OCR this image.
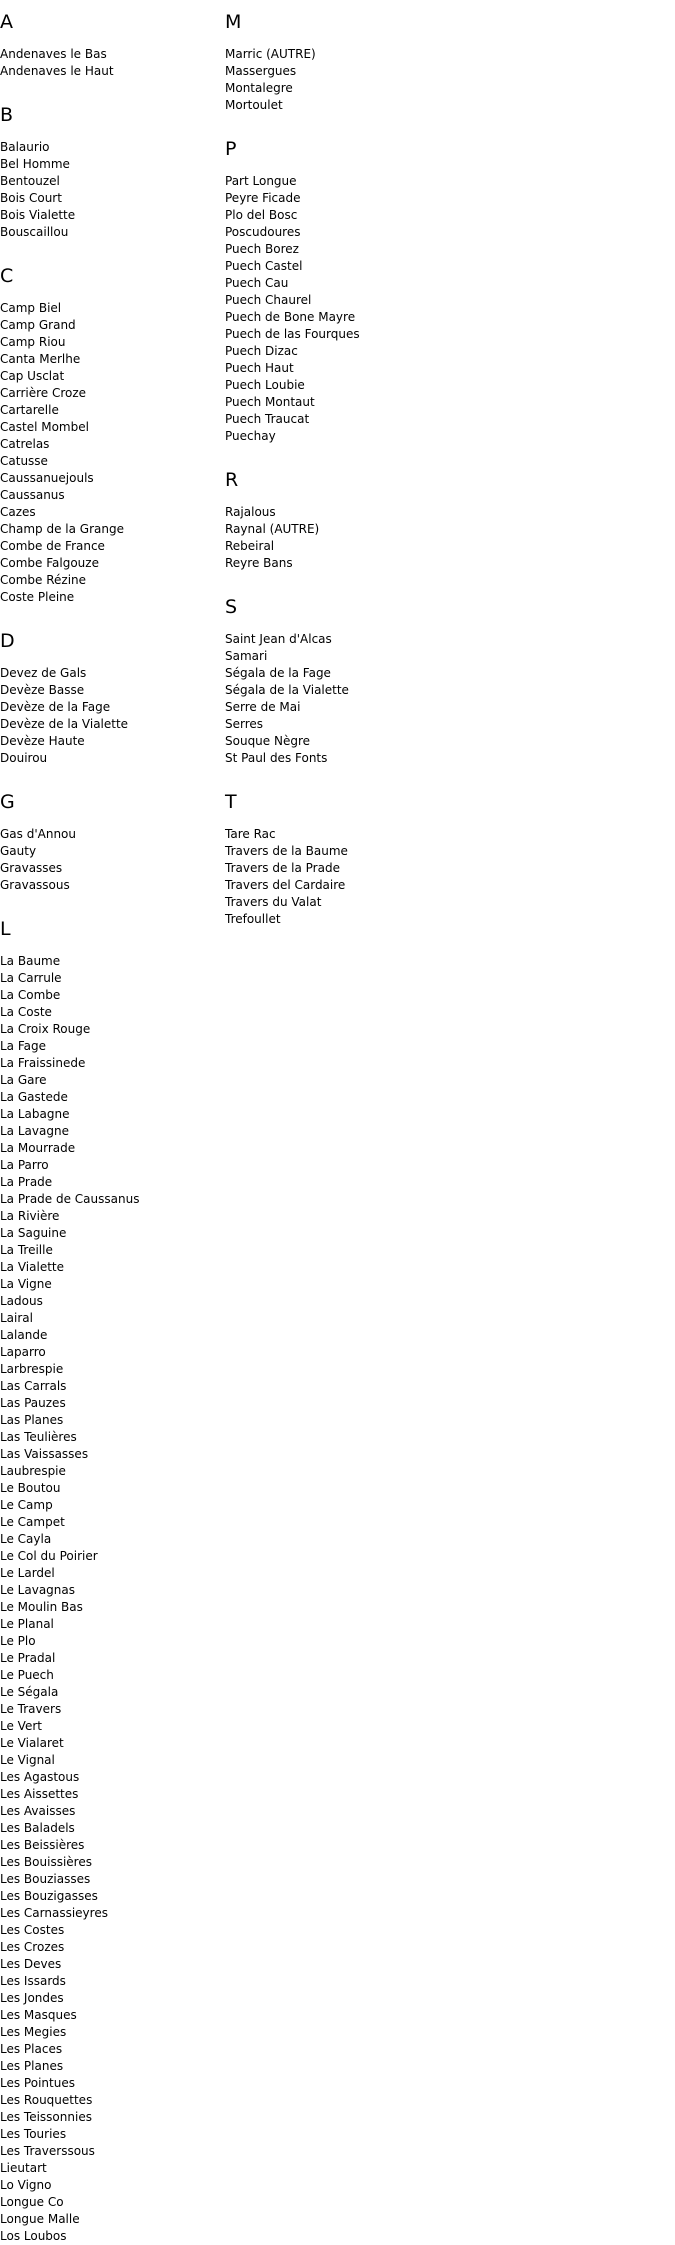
A
Andenaves le Bas
Andenaves le Haut
B
Balaurio
Bel Homme
Bentouzel
Bois Court
Bois Vialette
Bouscaillou
C
Camp Biel
Camp Grand
Camp Riou
Canta Merlhe
Cap Usclat
Carrière Croze
Cartarelle
Castel Mombel
Catrelas
Catusse
Caussanuejouls
Caussanus
Cazes
Champ de la Grange
Combe de France
Combe Falgouze
Combe Rézine
Coste Pleine
D
Devez de Gals
Devèze Basse
Devèze de la Fage
Devèze de la Vialette
Devèze Haute
Douirou
G
Gas d'Annou
Gauty
Gravasses
Gravassous
L
La Baume
La Carrule
La Combe
La Coste
La Croix Rouge
La Fage
La Fraissinede
La Gare
La Gastede
La Labagne
La Lavagne
La Mourrade
La Parro
La Prade
La Prade de Caussanus
La Rivière
La Saguine
La Treille
La Vialette
La Vigne
Ladous
Lairal
Lalande
Laparro
Larbrespie
Las Carrals
Las Pauzes
Las Planes
Las Teulières
Las Vaissasses
Laubrespie
Le Boutou
Le Camp
Le Campet
Le Cayla
Le Col du Poirier
Le Lardel
Le Lavagnas
Le Moulin Bas
Le Planal
Le Plo
Le Pradal
Le Puech
Le Ségala
Le Travers
Le Vert
Le Vialaret
Le Vignal
Les Agastous
Les Aissettes
Les Avaisses
Les Baladels
Les Beissières
Les Bouissières
Les Bouziasses
Les Bouzigasses
Les Carnassieyres
Les Costes
Les Crozes
Les Deves
Les Issards
Les Jondes
Les Masques
Les Megies
Les Places
Les Planes
Les Pointues
Les Rouquettes
Les Teissonnies
Les Touries
Les Traverssous
Lieutart
Lo Vigno
Longue Co
Longue Malle
Los Loubos
M
Marric (AUTRE)
Massergues
Montalegre
Mortoulet
P
Part Longue
Peyre Ficade
Plo del Bosc
Poscudoures
Puech Borez
Puech Castel
Puech Cau
Puech Chaurel
Puech de Bone Mayre
Puech de las Fourques
Puech Dizac
Puech Haut
Puech Loubie
Puech Montaut
Puech Traucat
Puechay
R
Rajalous
Raynal (AUTRE)
Rebeiral
Reyre Bans
S
Saint Jean d'Alcas
Samari
Ségala de la Fage
Ségala de la Vialette
Serre de Mai
Serres
Souque Nègre
St Paul des Fonts
T
Tare Rac
Travers de la Baume
Travers de la Prade
Travers del Cardaire
Travers du Valat
Trefoullet
